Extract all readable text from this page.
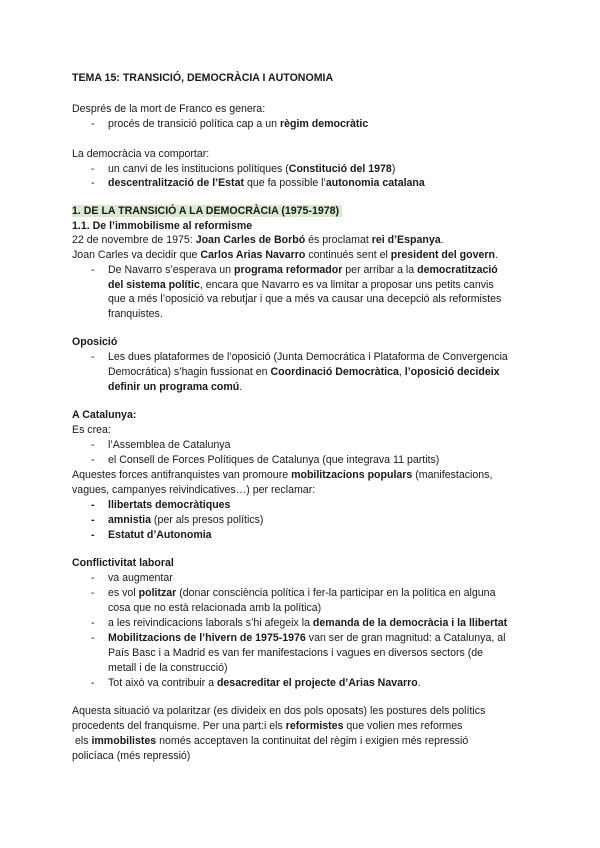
TEMA 15: TRANSICIÓ, DEMOCRÀCIA I AUTONOMIA
Després de la mort de Franco es genera:
- procés de transició política cap a un règim democràtic
La democràcia va comportar:
- un canvi de les institucions polítiques (Constitució del 1978)
- descentralització de l’Estat que fa possible l’autonomia catalana
1. DE LA TRANSICIÓ A LA DEMOCRÀCIA (1975-1978)
1.1. De l’immobilisme al reformisme
22 de novembre de 1975: Joan Carles de Borbó és proclamat rei d’Espanya.
Joan Carles va decidir que Carlos Arias Navarro continués sent el president del govern.
- De Navarro s’esperava un programa reformador per arribar a la democratització
del sistema polític, encara que Navarro es va limitar a proposar uns petits canvis
que a més l’oposició va rebutjar i que a més va causar una decepció als reformistes
franquistes.
Oposició
- Les dues plataformes de l’oposició (Junta Democrática i Plataforma de Convergencia
Democrática) s’hagin fussionat en Coordinació Democràtica, l’oposició decideix
definir un programa comú.
A Catalunya:
Es crea:
- l’Assemblea de Catalunya
- el Consell de Forces Polítiques de Catalunya (que integrava 11 partits)
Aquestes forces antifranquistes van promoure mobilitzacions populars (manifestacions,
vagues, campanyes reivindicatives…) per reclamar:
- llibertats democràtiques
- amnistia (per als presos polítics)
- Estatut d’Autonomia
Conflictivitat laboral
- va augmentar
- es vol politzar (donar consciència política i fer-la participar en la política en alguna
cosa que no està relacionada amb la política)
- a les reivindicacions laborals s’hi afegeix la demanda de la democràcia i la llibertat
- Mobilitzacions de l’hivern de 1975-1976 van ser de gran magnitud: a Catalunya, al
País Basc i a Madrid es van fer manifestacions i vagues en diversos sectors (de
metall i de la construcció)
- Tot això va contribuir a desacreditar el projecte d’Arias Navarro.
Aquesta situació va polaritzar (es divideix en dos pols oposats) les postures dels polítics
procedents del franquisme. Per una part:i els reformistes que volien mes reformes
els immobilistes només acceptaven la continuitat del règim i exigien més repressió
policíaca (més repressió)
